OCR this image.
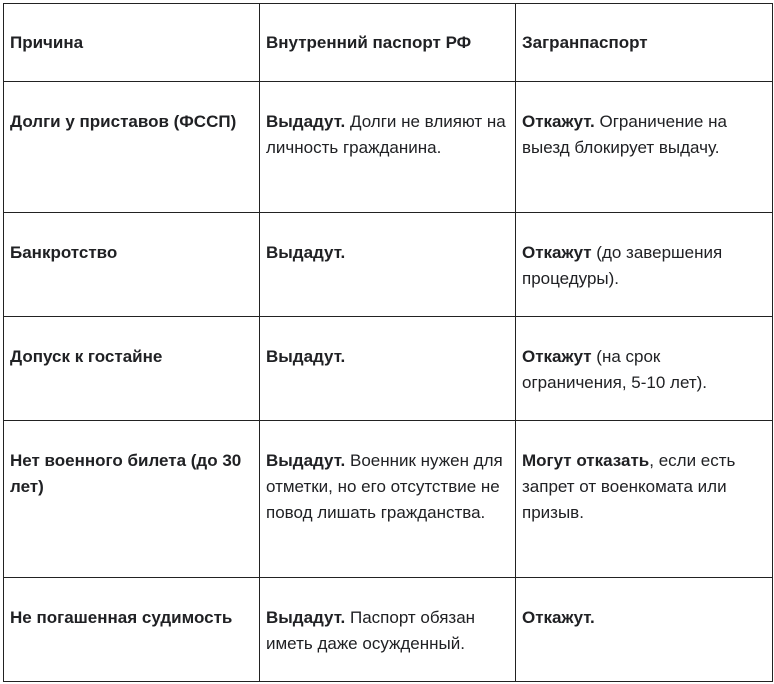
Причина	Внутренний паспорт РФ	Загранпаспорт
Долги у приставов (ФССП)	Выдадут. Долги не влияют на личность гражданина.	Откажут. Ограничение на выезд блокирует выдачу.
Банкротство	Выдадут.	Откажут (до завершения процедуры).
Допуск к гостайне	Выдадут.	Откажут (на срок ограничения, 5-10 лет).
Нет военного билета (до 30 лет)	Выдадут. Военник нужен для отметки, но его отсутствие не повод лишать гражданства.	Могут отказать, если есть запрет от военкомата или призыв.
Не погашенная судимость	Выдадут. Паспорт обязан иметь даже осужденный.	Откажут.
